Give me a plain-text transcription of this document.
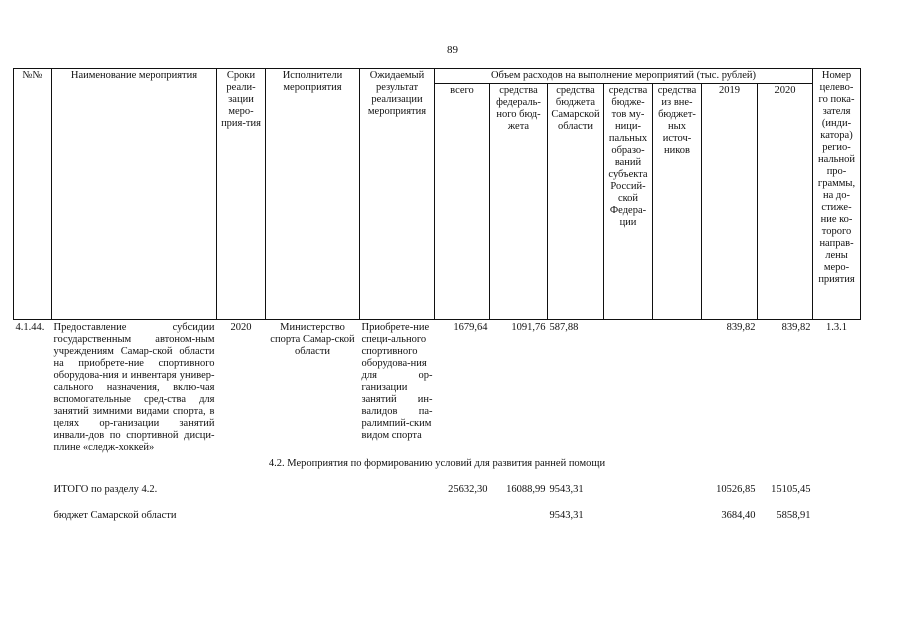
89
№№	Наименование мероприятия	Сроки реали-зации меро-прия-тия	Исполнители мероприятия	Ожидаемый результат реализации мероприятия	Объем расходов на выполнение мероприятий (тыс. рублей)							Номер целево-го пока-зателя (инди-катора) регио-нальной про-граммы, на до-стиже-ние ко-торого направ-лены меро-приятия
					всего	средства федераль-ного бюд-жета	средства бюджета Самарской области	средства бюдже-тов му-ници-пальных образо-ваний субъекта Россий-ской Федера-ции	средства из вне-бюджет-ных источ-ников	2019	2020	
4.1.44.	Предоставление субсидии государственным автоном-ным учреждениям Самар-ской области на приобрете-ние спортивного оборудова-ния и инвентаря универ-сального назначения, вклю-чая вспомогательные сред-ства для занятий зимними видами спорта, в целях ор-ганизации занятий инвали-дов по спортивной дисци-плине «следж-хоккей»	2020	Министерство спорта Самар-ской области	Приобрете-ние специ-ального спортивного оборудова-ния для ор-ганизации занятий ин-валидов па-ралимпий-ским видом спорта	1679,64	1091,76	587,88			839,82	839,82	1.3.1
4.2. Мероприятия по формированию условий для развития ранней помощи												

	ИТОГО по разделу 4.2.				25632,30	16088,99	9543,31			10526,85	15105,45	

	бюджет Самарской области						9543,31			3684,40	5858,91	
